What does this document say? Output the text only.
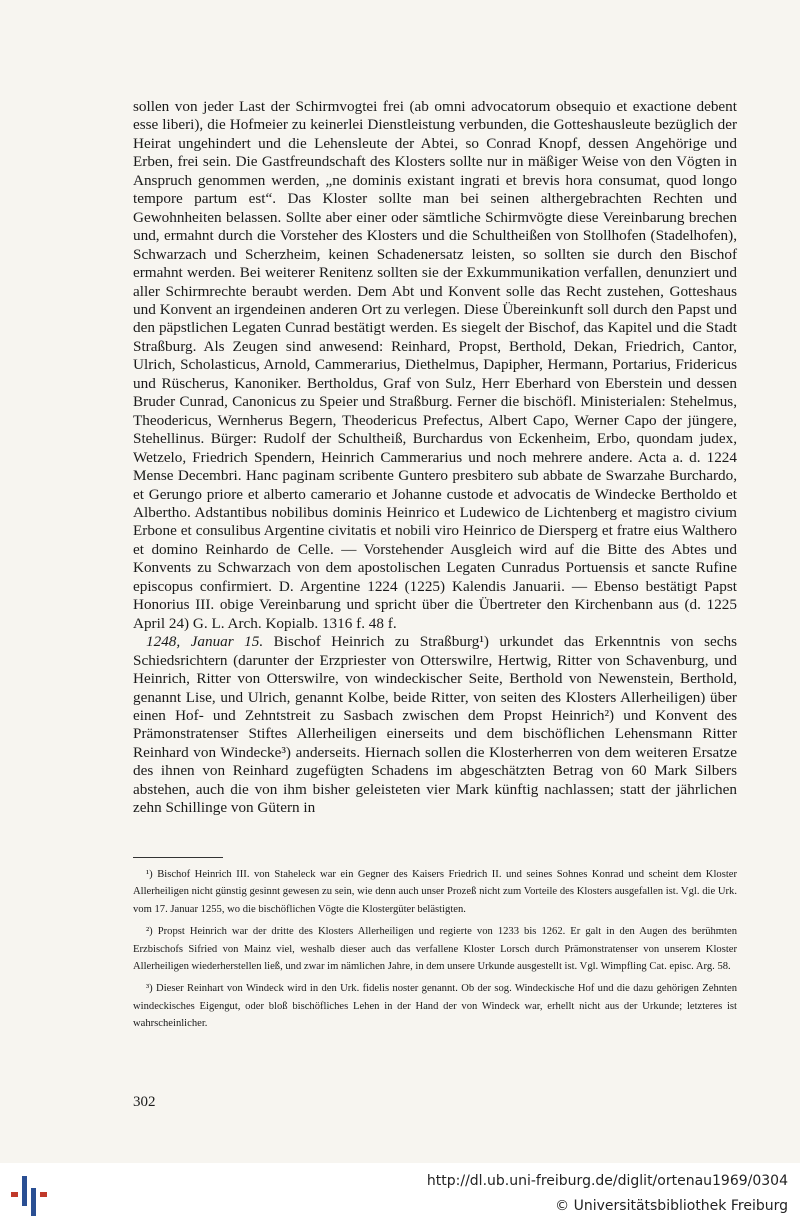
sollen von jeder Last der Schirmvogtei frei (ab omni advocatorum obsequio et exactione debent esse liberi), die Hofmeier zu keinerlei Dienstleistung verbunden, die Gotteshausleute bezüglich der Heirat ungehindert und die Lehensleute der Abtei, so Conrad Knopf, dessen Angehörige und Erben, frei sein. Die Gastfreundschaft des Klosters sollte nur in mäßiger Weise von den Vögten in Anspruch genommen werden, „ne dominis existant ingrati et brevis hora consumat, quod longo tempore partum est“. Das Kloster sollte man bei seinen althergebrachten Rechten und Gewohnheiten belassen. Sollte aber einer oder sämtliche Schirmvögte diese Vereinbarung brechen und, ermahnt durch die Vorsteher des Klosters und die Schultheißen von Stollhofen (Stadelhofen), Schwarzach und Scherzheim, keinen Schadenersatz leisten, so sollten sie durch den Bischof ermahnt werden. Bei weiterer Renitenz sollten sie der Exkummunikation verfallen, denunziert und aller Schirmrechte beraubt werden. Dem Abt und Konvent solle das Recht zustehen, Gotteshaus und Konvent an irgendeinen anderen Ort zu verlegen. Diese Übereinkunft soll durch den Papst und den päpstlichen Legaten Cunrad bestätigt werden. Es siegelt der Bischof, das Kapitel und die Stadt Straßburg. Als Zeugen sind anwesend: Reinhard, Propst, Berthold, Dekan, Friedrich, Cantor, Ulrich, Scholasticus, Arnold, Cammerarius, Diethelmus, Dapipher, Hermann, Portarius, Fridericus und Rüscherus, Kanoniker. Bertholdus, Graf von Sulz, Herr Eberhard von Eberstein und dessen Bruder Cunrad, Canonicus zu Speier und Straßburg. Ferner die bischöfl. Ministerialen: Stehelmus, Theodericus, Wernherus Begern, Theodericus Prefectus, Albert Capo, Werner Capo der jüngere, Stehellinus. Bürger: Rudolf der Schultheiß, Burchardus von Eckenheim, Erbo, quondam judex, Wetzelo, Friedrich Spendern, Heinrich Cammerarius und noch mehrere andere. Acta a. d. 1224 Mense Decembri. Hanc paginam scribente Guntero presbitero sub abbate de Swarzahe Burchardo, et Gerungo priore et alberto camerario et Johanne custode et advocatis de Windecke Bertholdo et Albertho. Adstantibus nobilibus dominis Heinrico et Ludewico de Lichtenberg et magistro civium Erbone et consulibus Argentine civitatis et nobili viro Heinrico de Diersperg et fratre eius Walthero et domino Reinhardo de Celle. — Vorstehender Ausgleich wird auf die Bitte des Abtes und Konvents zu Schwarzach von dem apostolischen Legaten Cunradus Portuensis et sancte Rufine episcopus confirmiert. D. Argentine 1224 (1225) Kalendis Januarii. — Ebenso bestätigt Papst Honorius III. obige Vereinbarung und spricht über die Übertreter den Kirchenbann aus (d. 1225 April 24) G. L. Arch. Kopialb. 1316 f. 48 f.

1248, Januar 15. Bischof Heinrich zu Straßburg¹) urkundet das Erkenntnis von sechs Schiedsrichtern (darunter der Erzpriester von Otterswilre, Hertwig, Ritter von Schavenburg, und Heinrich, Ritter von Otterswilre, von windeckischer Seite, Berthold von Newenstein, Berthold, genannt Lise, und Ulrich, genannt Kolbe, beide Ritter, von seiten des Klosters Allerheiligen) über einen Hof- und Zehntstreit zu Sasbach zwischen dem Propst Heinrich²) und Konvent des Prämonstratenser Stiftes Allerheiligen einerseits und dem bischöflichen Lehensmann Ritter Reinhard von Windecke³) anderseits. Hiernach sollen die Klosterherren von dem weiteren Ersatze des ihnen von Reinhard zugefügten Schadens im abgeschätzten Betrag von 60 Mark Silbers abstehen, auch die von ihm bisher geleisteten vier Mark künftig nachlassen; statt der jährlichen zehn Schillinge von Gütern in

¹) Bischof Heinrich III. von Staheleck war ein Gegner des Kaisers Friedrich II. und seines Sohnes Konrad und scheint dem Kloster Allerheiligen nicht günstig gesinnt gewesen zu sein, wie denn auch unser Prozeß nicht zum Vorteile des Klosters ausgefallen ist. Vgl. die Urk. vom 17. Januar 1255, wo die bischöflichen Vögte die Klostergüter belästigten.

²) Propst Heinrich war der dritte des Klosters Allerheiligen und regierte von 1233 bis 1262. Er galt in den Augen des berühmten Erzbischofs Sifried von Mainz viel, weshalb dieser auch das verfallene Kloster Lorsch durch Prämonstratenser von unserem Kloster Allerheiligen wiederherstellen ließ, und zwar im nämlichen Jahre, in dem unsere Urkunde ausgestellt ist. Vgl. Wimpfling Cat. episc. Arg. 58.

³) Dieser Reinhart von Windeck wird in den Urk. fidelis noster genannt. Ob der sog. Windeckische Hof und die dazu gehörigen Zehnten windeckisches Eigengut, oder bloß bischöfliches Lehen in der Hand der von Windeck war, erhellt nicht aus der Urkunde; letzteres ist wahrscheinlicher.

302
http://dl.ub.uni-freiburg.de/diglit/ortenau1969/0304
© Universitätsbibliothek Freiburg
